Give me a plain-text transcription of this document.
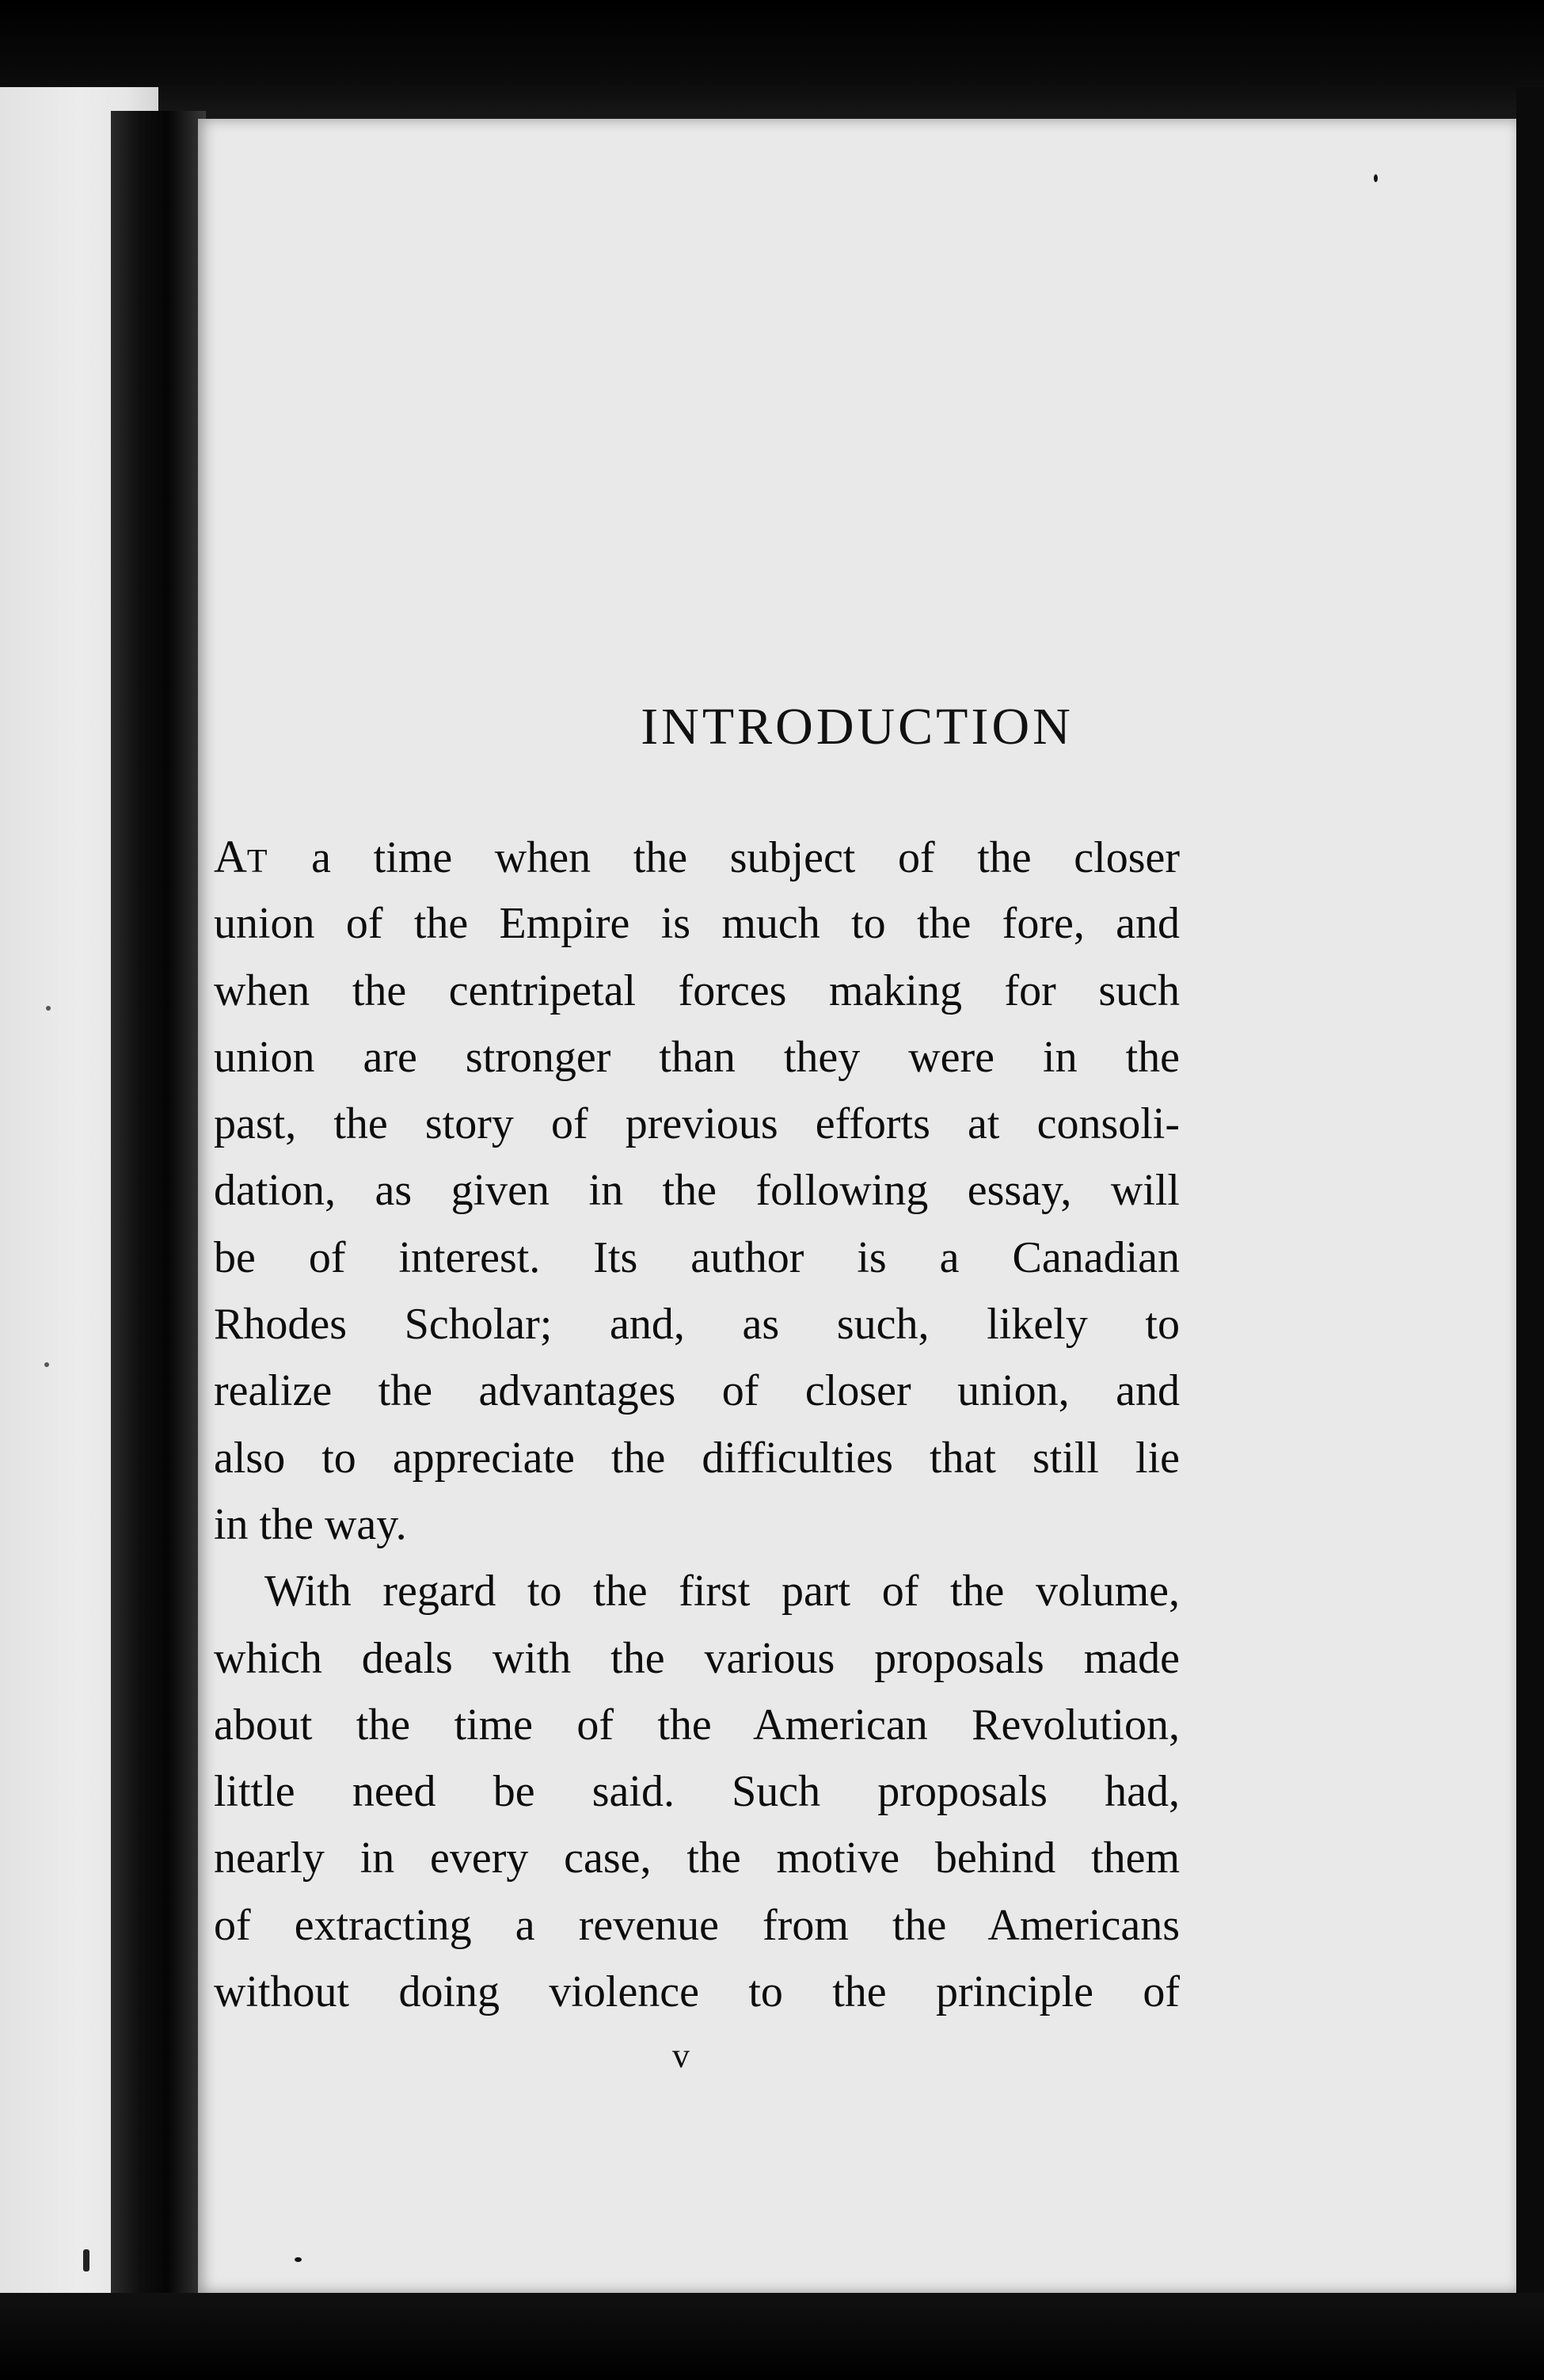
INTRODUCTION
AT a time when the subject of the closer
union of the Empire is much to the fore, and
when the centripetal forces making for such
union are stronger than they were in the
past, the story of previous efforts at consoli-
dation, as given in the following essay, will
be of interest. Its author is a Canadian
Rhodes Scholar; and, as such, likely to
realize the advantages of closer union, and
also to appreciate the difficulties that still lie
in the way.
With regard to the first part of the volume,
which deals with the various proposals made
about the time of the American Revolution,
little need be said. Such proposals had,
nearly in every case, the motive behind them
of extracting a revenue from the Americans
without doing violence to the principle of
v
